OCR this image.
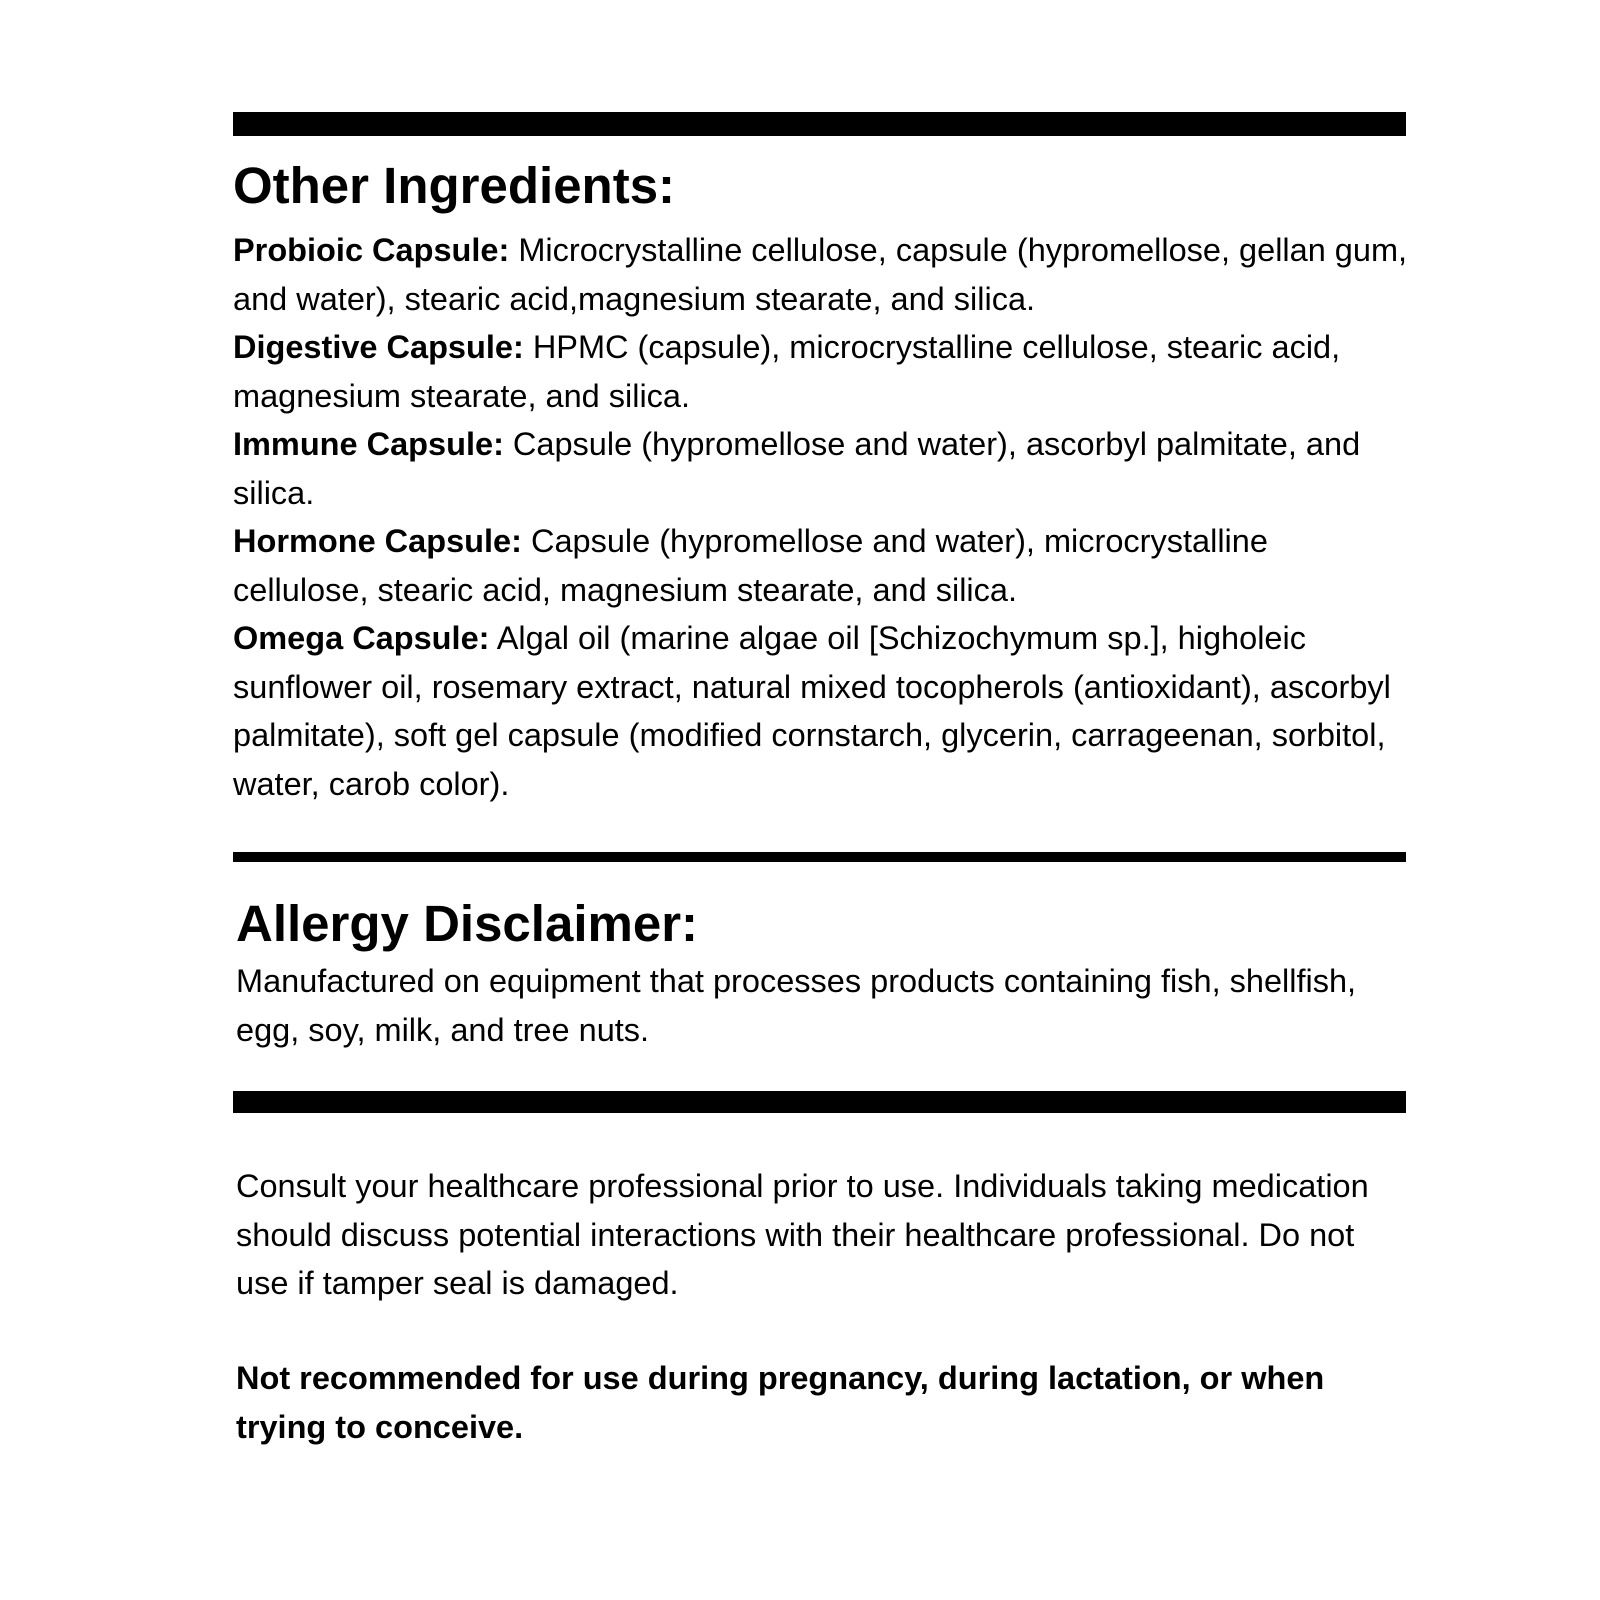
Other Ingredients:

Probioic Capsule: Microcrystalline cellulose, capsule (hypromellose, gellan gum, and water), stearic acid,magnesium stearate, and silica.

Digestive Capsule: HPMC (capsule), microcrystalline cellulose, stearic acid, magnesium stearate, and silica.

Immune Capsule: Capsule (hypromellose and water), ascorbyl palmitate, and silica.

Hormone Capsule: Capsule (hypromellose and water), microcrystalline cellulose, stearic acid, magnesium stearate, and silica.

Omega Capsule: Algal oil (marine algae oil [Schizochymum sp.], higholeic sunflower oil, rosemary extract, natural mixed tocopherols (antioxidant), ascorbyl palmitate), soft gel capsule (modified cornstarch, glycerin, carrageenan, sorbitol, water, carob color).

Allergy Disclaimer:

Manufactured on equipment that processes products containing fish, shellfish, egg, soy, milk, and tree nuts.

Consult your healthcare professional prior to use. Individuals taking medication should discuss potential interactions with their healthcare professional. Do not use if tamper seal is damaged.

Not recommended for use during pregnancy, during lactation, or when trying to conceive.
